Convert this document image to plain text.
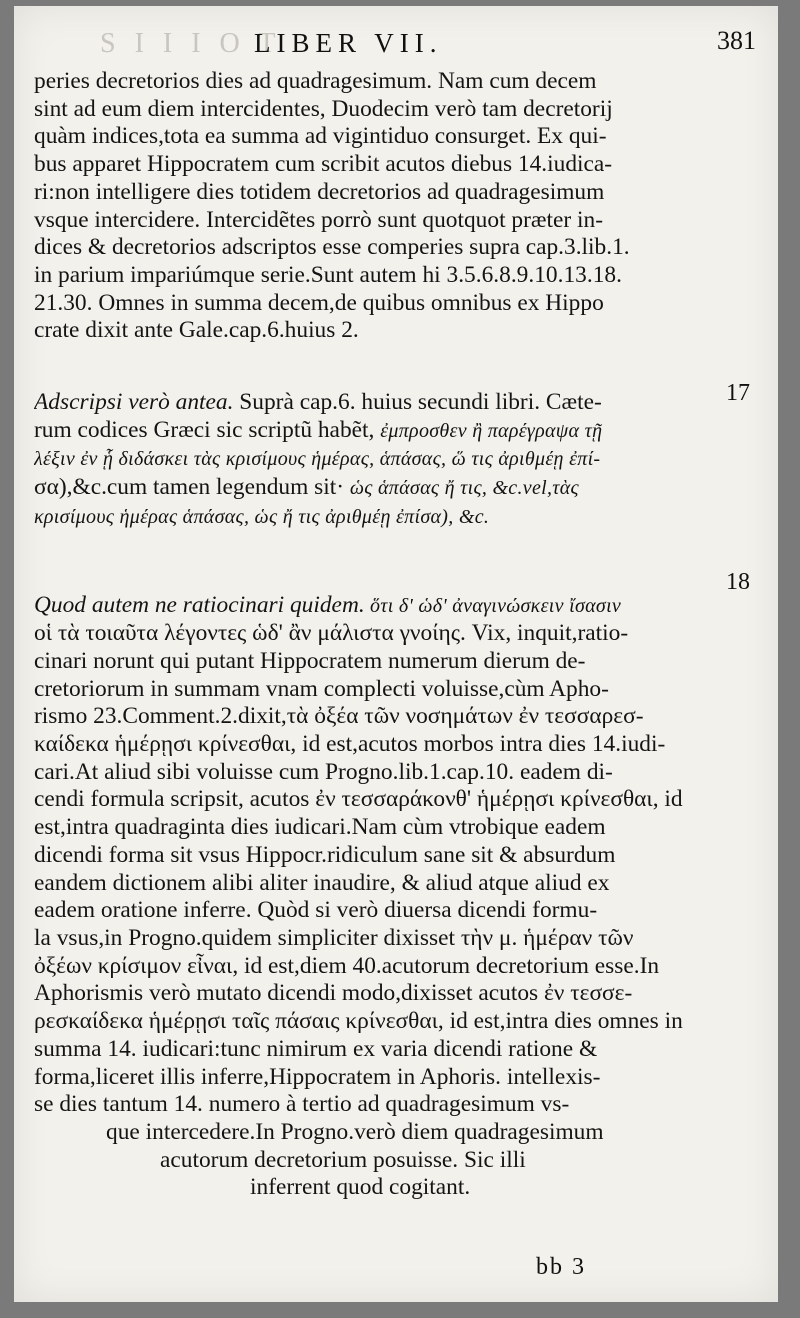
S I I I O T
LIBER VII.	381
peries decretorios dies ad quadragesimum. Nam cum decem
sint ad eum diem intercidentes, Duodecim verò tam decretorij
quàm indices,tota ea summa ad vigintiduo consurget. Ex qui-
bus apparet Hippocratem cum scribit acutos diebus 14.iudica-
ri:non intelligere dies totidem decretorios ad quadragesimum
vsque intercidere. Intercidẽtes porrò sunt quotquot præter in-
dices & decretorios adscriptos esse comperies supra cap.3.lib.1.
in parium impariúmque serie.Sunt autem hi 3.5.6.8.9.10.13.18.
21.30. Omnes in summa decem,de quibus omnibus ex Hippo
crate dixit ante Gale.cap.6.huius 2.
Adscripsi verò antea. Suprà cap.6. huius secundi libri. Cæte-
rum codices Græci sic scriptũ habẽt, ἐμπροσθεν ἢ παρέγραψα τῇ
λέξιν ἐν ᾗ διδάσκει τὰς κρισίμους ἡμέρας, ἁπάσας, ὥ τις ἀριθμέῃ ἐπί-
σα),&c.cum tamen legendum sit· ὡς ἁπάσας ἤ τις, &c.vel,τὰς
κρισίμους ἡμέρας ἁπάσας, ὡς ἤ τις ἀριθμέῃ ἐπίσα), &c.
Quod autem ne ratiocinari quidem. ὅτι δ' ὡδ' ἀναγινώσκειν ἴσασιν
οἱ τὰ τοιαῦτα λέγοντες ὡδ' ἂν μάλιστα γνοίης. Vix, inquit,ratio-
cinari norunt qui putant Hippocratem numerum dierum de-
cretoriorum in summam vnam complecti voluisse,cùm Apho-
rismo 23.Comment.2.dixit,τὰ ὀξέα τῶν νοσημάτων ἐν τεσσαρεσ-
καίδεκα ἡμέρῃσι κρίνεσθαι, id est,acutos morbos intra dies 14.iudi-
cari.At aliud sibi voluisse cum Progno.lib.1.cap.10. eadem di-
cendi formula scripsit, acutos ἐν τεσσαράκονθ' ἡμέρῃσι κρίνεσθαι, id
est,intra quadraginta dies iudicari.Nam cùm vtrobique eadem
dicendi forma sit vsus Hippocr.ridiculum sane sit & absurdum
eandem dictionem alibi aliter inaudire, & aliud atque aliud ex
eadem oratione inferre. Quòd si verò diuersa dicendi formu-
la vsus,in Progno.quidem simpliciter dixisset τὴν μ. ἡμέραν τῶν
ὀξέων κρίσιμον εἶναι, id est,diem 40.acutorum decretorium esse.In
Aphorismis verò mutato dicendi modo,dixisset acutos ἐν τεσσε-
ρεσκαίδεκα ἡμέρῃσι ταῖς πάσαις κρίνεσθαι, id est,intra dies omnes in
summa 14. iudicari:tunc nimirum ex varia dicendi ratione &
forma,liceret illis inferre,Hippocratem in Aphoris. intellexis-
se dies tantum 14. numero à tertio ad quadragesimum vs-
que intercedere.In Progno.verò diem quadragesimum
acutorum decretorium posuisse. Sic illi
inferrent quod cogitant.
17
18
bb 3
